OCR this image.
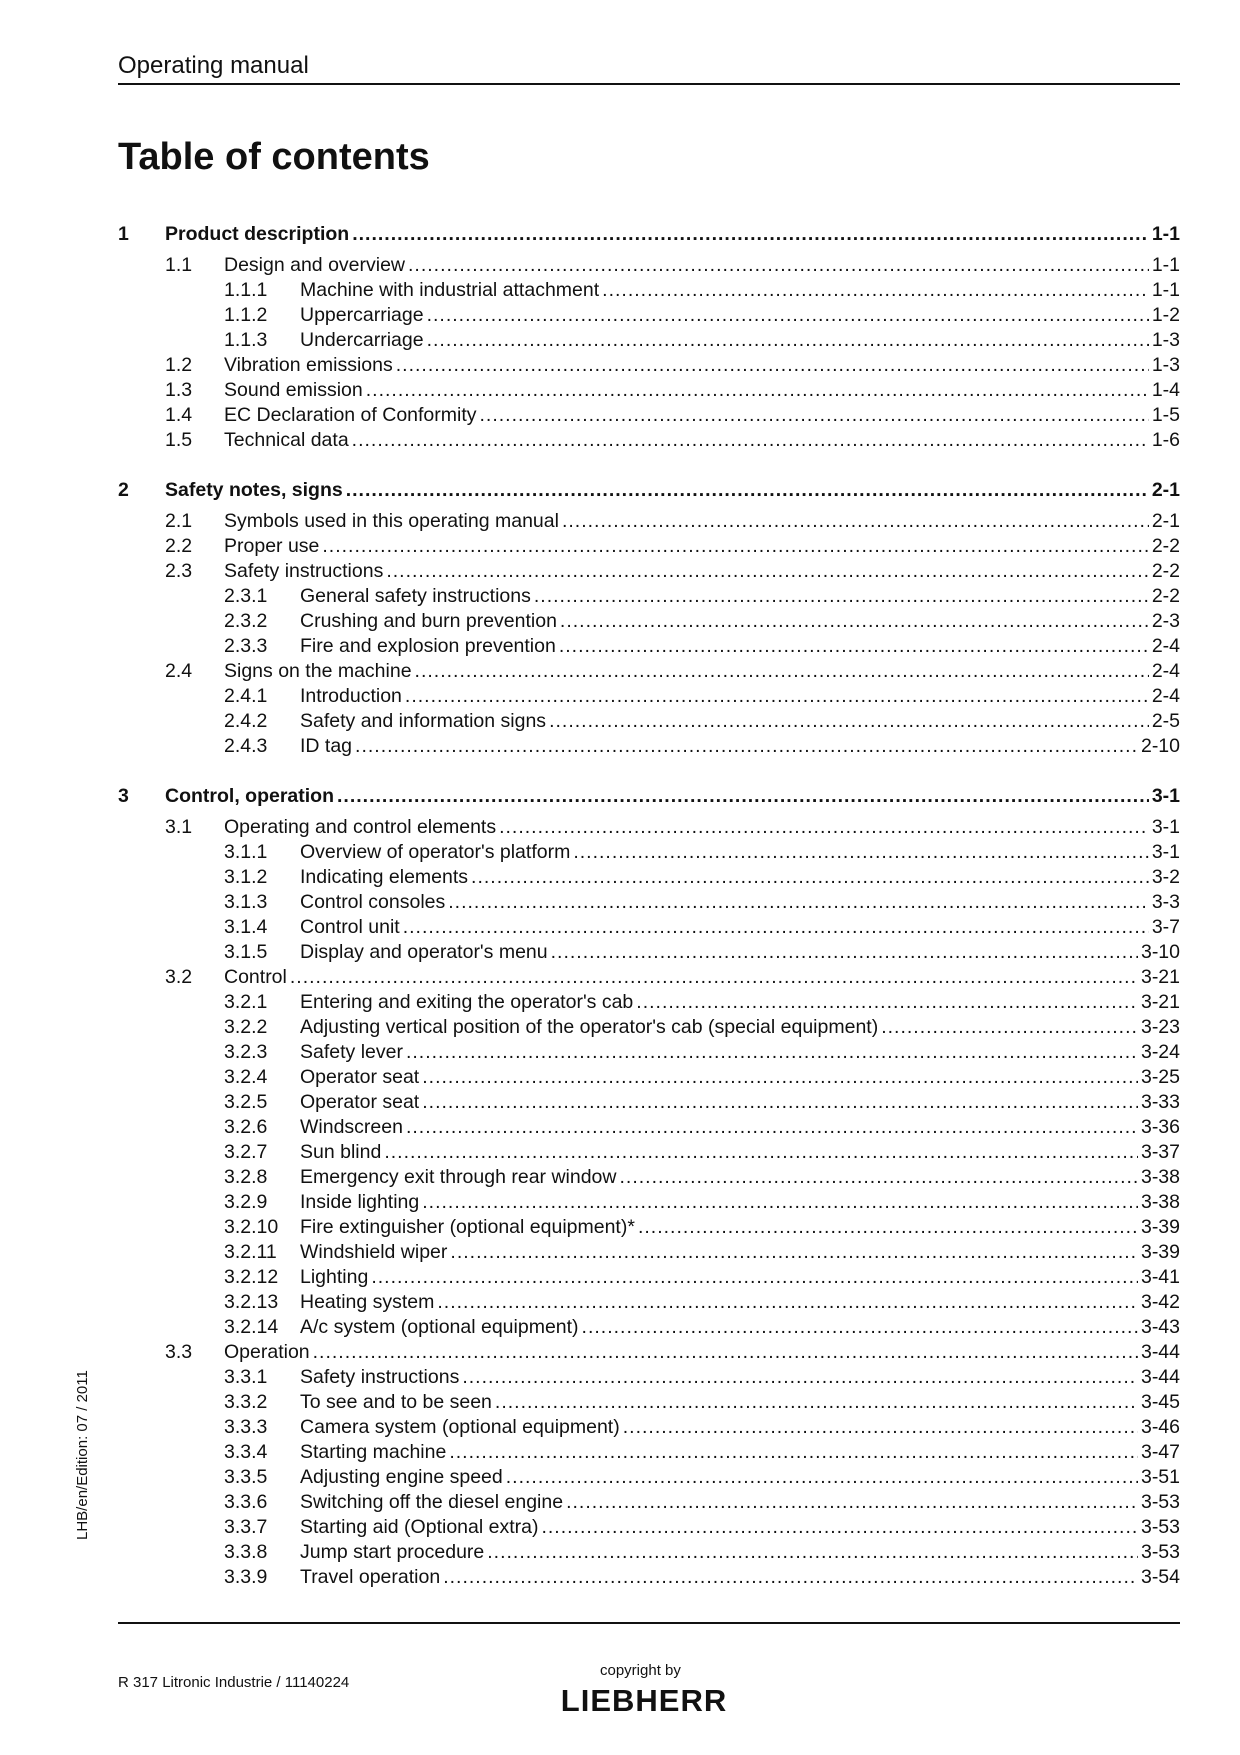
Operating manual
Table of contents
1	Product description .....	1-1
1.1	Design and overview .....	1-1
1.1.1	Machine with industrial attachment .....	1-1
1.1.2	Uppercarriage .....	1-2
1.1.3	Undercarriage .....	1-3
1.2	Vibration emissions .....	1-3
1.3	Sound emission .....	1-4
1.4	EC Declaration of Conformity .....	1-5
1.5	Technical data .....	1-6
2	Safety notes, signs .....	2-1
2.1	Symbols used in this operating manual .....	2-1
2.2	Proper use .....	2-2
2.3	Safety instructions .....	2-2
2.3.1	General safety instructions .....	2-2
2.3.2	Crushing and burn prevention .....	2-3
2.3.3	Fire and explosion prevention .....	2-4
2.4	Signs on the machine .....	2-4
2.4.1	Introduction .....	2-4
2.4.2	Safety and information signs .....	2-5
2.4.3	ID tag .....	2-10
3	Control, operation .....	3-1
3.1	Operating and control elements .....	3-1
3.1.1	Overview of operator's platform .....	3-1
3.1.2	Indicating elements .....	3-2
3.1.3	Control consoles .....	3-3
3.1.4	Control unit .....	3-7
3.1.5	Display and operator's menu .....	3-10
3.2	Control .....	3-21
3.2.1	Entering and exiting the operator's cab .....	3-21
3.2.2	Adjusting vertical position of the operator's cab (special equipment) .....	3-23
3.2.3	Safety lever .....	3-24
3.2.4	Operator seat .....	3-25
3.2.5	Operator seat .....	3-33
3.2.6	Windscreen .....	3-36
3.2.7	Sun blind .....	3-37
3.2.8	Emergency exit through rear window .....	3-38
3.2.9	Inside lighting .....	3-38
3.2.10	Fire extinguisher (optional equipment)* .....	3-39
3.2.11	Windshield wiper .....	3-39
3.2.12	Lighting .....	3-41
3.2.13	Heating system .....	3-42
3.2.14	A/c system (optional equipment) .....	3-43
3.3	Operation .....	3-44
3.3.1	Safety instructions .....	3-44
3.3.2	To see and to be seen .....	3-45
3.3.3	Camera system (optional equipment) .....	3-46
3.3.4	Starting machine .....	3-47
3.3.5	Adjusting engine speed .....	3-51
3.3.6	Switching off the diesel engine .....	3-53
3.3.7	Starting aid (Optional extra) .....	3-53
3.3.8	Jump start procedure .....	3-53
3.3.9	Travel operation .....	3-54
LHB/en/Edition: 07 / 2011
R 317 Litronic Industrie / 11140224
copyright by
LIEBHERR
